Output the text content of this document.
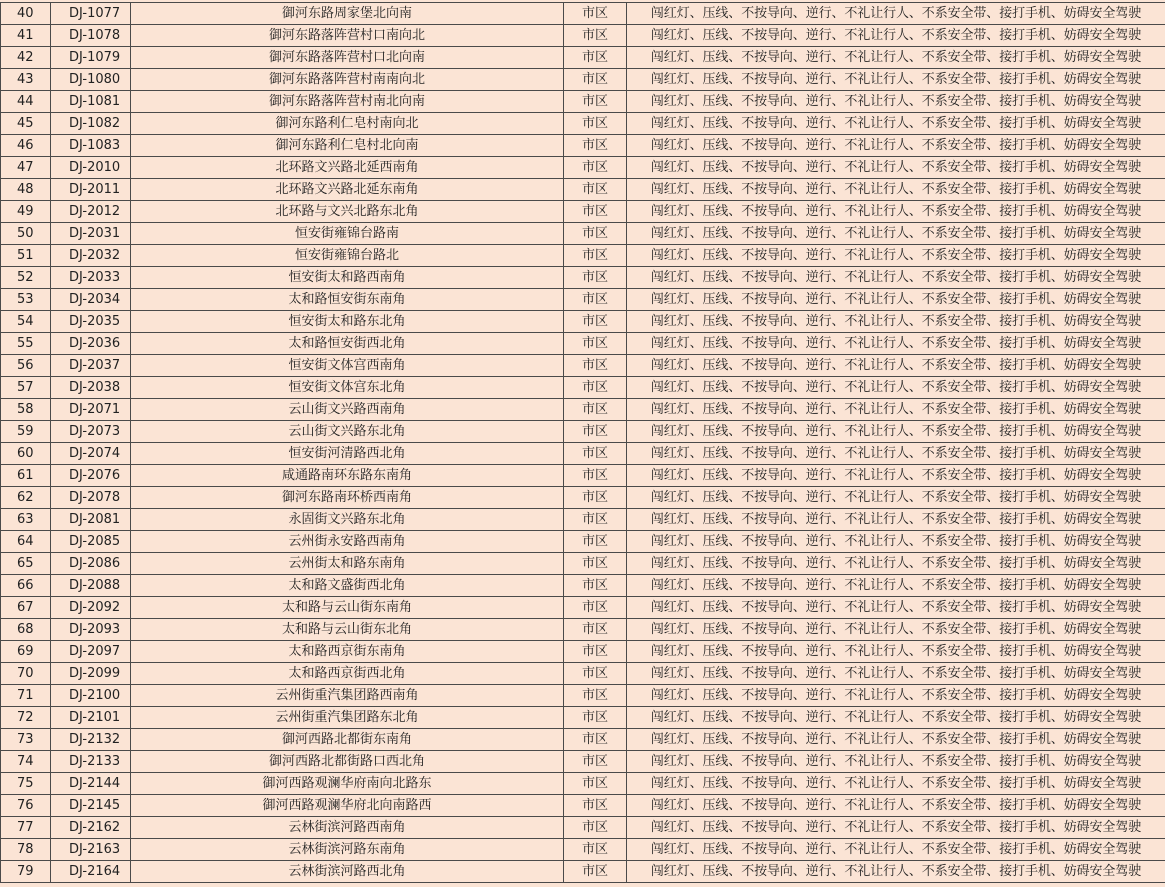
40	DJ-1077	御河东路周家堡北向南	市区	闯红灯、压线、不按导向、逆行、不礼让行人、不系安全带、接打手机、妨碍安全驾驶
41	DJ-1078	御河东路落阵营村口南向北	市区	闯红灯、压线、不按导向、逆行、不礼让行人、不系安全带、接打手机、妨碍安全驾驶
42	DJ-1079	御河东路落阵营村口北向南	市区	闯红灯、压线、不按导向、逆行、不礼让行人、不系安全带、接打手机、妨碍安全驾驶
43	DJ-1080	御河东路落阵营村南南向北	市区	闯红灯、压线、不按导向、逆行、不礼让行人、不系安全带、接打手机、妨碍安全驾驶
44	DJ-1081	御河东路落阵营村南北向南	市区	闯红灯、压线、不按导向、逆行、不礼让行人、不系安全带、接打手机、妨碍安全驾驶
45	DJ-1082	御河东路利仁皂村南向北	市区	闯红灯、压线、不按导向、逆行、不礼让行人、不系安全带、接打手机、妨碍安全驾驶
46	DJ-1083	御河东路利仁皂村北向南	市区	闯红灯、压线、不按导向、逆行、不礼让行人、不系安全带、接打手机、妨碍安全驾驶
47	DJ-2010	北环路文兴路北延西南角	市区	闯红灯、压线、不按导向、逆行、不礼让行人、不系安全带、接打手机、妨碍安全驾驶
48	DJ-2011	北环路文兴路北延东南角	市区	闯红灯、压线、不按导向、逆行、不礼让行人、不系安全带、接打手机、妨碍安全驾驶
49	DJ-2012	北环路与文兴北路东北角	市区	闯红灯、压线、不按导向、逆行、不礼让行人、不系安全带、接打手机、妨碍安全驾驶
50	DJ-2031	恒安街雍锦台路南	市区	闯红灯、压线、不按导向、逆行、不礼让行人、不系安全带、接打手机、妨碍安全驾驶
51	DJ-2032	恒安街雍锦台路北	市区	闯红灯、压线、不按导向、逆行、不礼让行人、不系安全带、接打手机、妨碍安全驾驶
52	DJ-2033	恒安街太和路西南角	市区	闯红灯、压线、不按导向、逆行、不礼让行人、不系安全带、接打手机、妨碍安全驾驶
53	DJ-2034	太和路恒安街东南角	市区	闯红灯、压线、不按导向、逆行、不礼让行人、不系安全带、接打手机、妨碍安全驾驶
54	DJ-2035	恒安街太和路东北角	市区	闯红灯、压线、不按导向、逆行、不礼让行人、不系安全带、接打手机、妨碍安全驾驶
55	DJ-2036	太和路恒安街西北角	市区	闯红灯、压线、不按导向、逆行、不礼让行人、不系安全带、接打手机、妨碍安全驾驶
56	DJ-2037	恒安街文体宫西南角	市区	闯红灯、压线、不按导向、逆行、不礼让行人、不系安全带、接打手机、妨碍安全驾驶
57	DJ-2038	恒安街文体宫东北角	市区	闯红灯、压线、不按导向、逆行、不礼让行人、不系安全带、接打手机、妨碍安全驾驶
58	DJ-2071	云山街文兴路西南角	市区	闯红灯、压线、不按导向、逆行、不礼让行人、不系安全带、接打手机、妨碍安全驾驶
59	DJ-2073	云山街文兴路东北角	市区	闯红灯、压线、不按导向、逆行、不礼让行人、不系安全带、接打手机、妨碍安全驾驶
60	DJ-2074	恒安街河清路西北角	市区	闯红灯、压线、不按导向、逆行、不礼让行人、不系安全带、接打手机、妨碍安全驾驶
61	DJ-2076	咸通路南环东路东南角	市区	闯红灯、压线、不按导向、逆行、不礼让行人、不系安全带、接打手机、妨碍安全驾驶
62	DJ-2078	御河东路南环桥西南角	市区	闯红灯、压线、不按导向、逆行、不礼让行人、不系安全带、接打手机、妨碍安全驾驶
63	DJ-2081	永固街文兴路东北角	市区	闯红灯、压线、不按导向、逆行、不礼让行人、不系安全带、接打手机、妨碍安全驾驶
64	DJ-2085	云州街永安路西南角	市区	闯红灯、压线、不按导向、逆行、不礼让行人、不系安全带、接打手机、妨碍安全驾驶
65	DJ-2086	云州街太和路东南角	市区	闯红灯、压线、不按导向、逆行、不礼让行人、不系安全带、接打手机、妨碍安全驾驶
66	DJ-2088	太和路文盛街西北角	市区	闯红灯、压线、不按导向、逆行、不礼让行人、不系安全带、接打手机、妨碍安全驾驶
67	DJ-2092	太和路与云山街东南角	市区	闯红灯、压线、不按导向、逆行、不礼让行人、不系安全带、接打手机、妨碍安全驾驶
68	DJ-2093	太和路与云山街东北角	市区	闯红灯、压线、不按导向、逆行、不礼让行人、不系安全带、接打手机、妨碍安全驾驶
69	DJ-2097	太和路西京街东南角	市区	闯红灯、压线、不按导向、逆行、不礼让行人、不系安全带、接打手机、妨碍安全驾驶
70	DJ-2099	太和路西京街西北角	市区	闯红灯、压线、不按导向、逆行、不礼让行人、不系安全带、接打手机、妨碍安全驾驶
71	DJ-2100	云州街重汽集团路西南角	市区	闯红灯、压线、不按导向、逆行、不礼让行人、不系安全带、接打手机、妨碍安全驾驶
72	DJ-2101	云州街重汽集团路东北角	市区	闯红灯、压线、不按导向、逆行、不礼让行人、不系安全带、接打手机、妨碍安全驾驶
73	DJ-2132	御河西路北都街东南角	市区	闯红灯、压线、不按导向、逆行、不礼让行人、不系安全带、接打手机、妨碍安全驾驶
74	DJ-2133	御河西路北都街路口西北角	市区	闯红灯、压线、不按导向、逆行、不礼让行人、不系安全带、接打手机、妨碍安全驾驶
75	DJ-2144	御河西路观澜华府南向北路东	市区	闯红灯、压线、不按导向、逆行、不礼让行人、不系安全带、接打手机、妨碍安全驾驶
76	DJ-2145	御河西路观澜华府北向南路西	市区	闯红灯、压线、不按导向、逆行、不礼让行人、不系安全带、接打手机、妨碍安全驾驶
77	DJ-2162	云林街滨河路西南角	市区	闯红灯、压线、不按导向、逆行、不礼让行人、不系安全带、接打手机、妨碍安全驾驶
78	DJ-2163	云林街滨河路东南角	市区	闯红灯、压线、不按导向、逆行、不礼让行人、不系安全带、接打手机、妨碍安全驾驶
79	DJ-2164	云林街滨河路西北角	市区	闯红灯、压线、不按导向、逆行、不礼让行人、不系安全带、接打手机、妨碍安全驾驶
